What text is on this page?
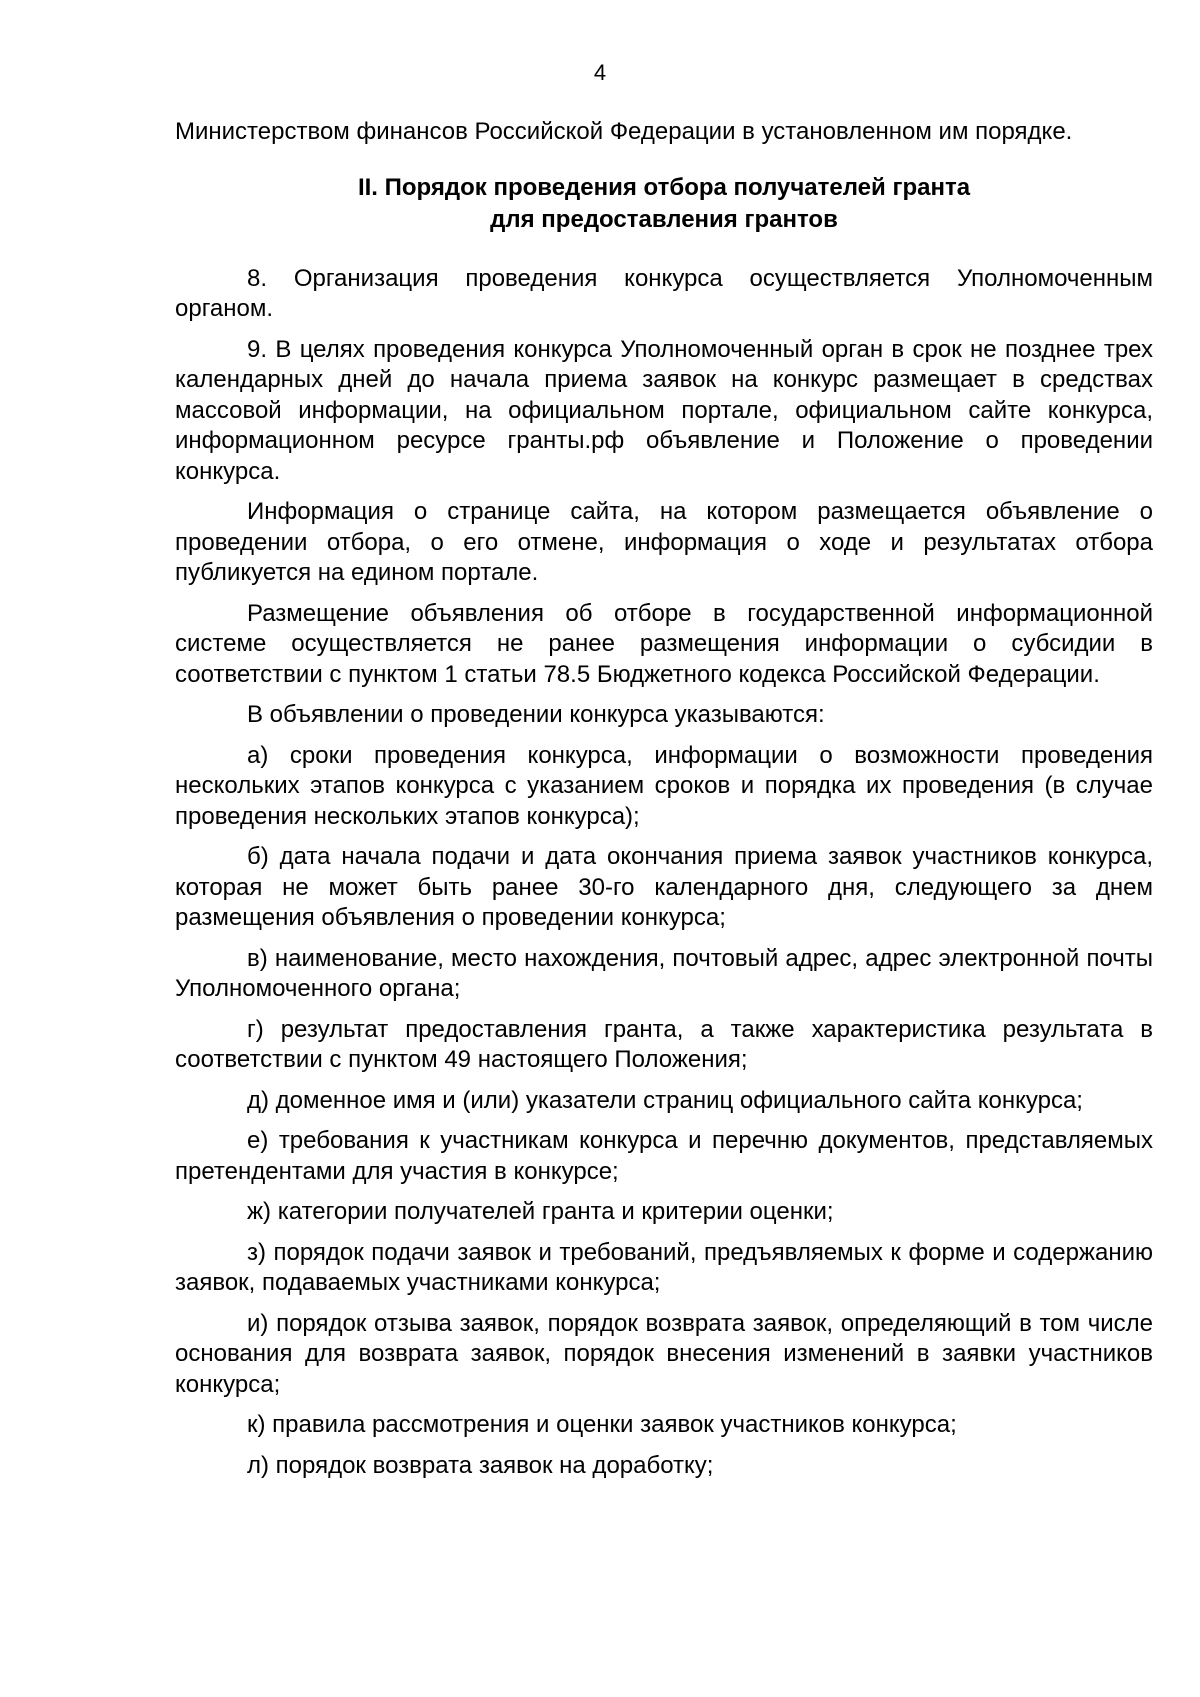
4

Министерством финансов Российской Федерации в установленном им порядке.

II. Порядок проведения отбора получателей гранта
для предоставления грантов

8. Организация проведения конкурса осуществляется Уполномоченным органом.

9. В целях проведения конкурса Уполномоченный орган в срок не позднее трех календарных дней до начала приема заявок на конкурс размещает в средствах массовой информации, на официальном портале, официальном сайте конкурса, информационном ресурсе гранты.рф объявление и Положение о проведении конкурса.

Информация о странице сайта, на котором размещается объявление о проведении отбора, о его отмене, информация о ходе и результатах отбора публикуется на едином портале.

Размещение объявления об отборе в государственной информационной системе осуществляется не ранее размещения информации о субсидии в соответствии с пунктом 1 статьи 78.5 Бюджетного кодекса Российской Федерации.

В объявлении о проведении конкурса указываются:

а) сроки проведения конкурса, информации о возможности проведения нескольких этапов конкурса с указанием сроков и порядка их проведения (в случае проведения нескольких этапов конкурса);

б) дата начала подачи и дата окончания приема заявок участников конкурса, которая не может быть ранее 30-го календарного дня, следующего за днем размещения объявления о проведении конкурса;

в) наименование, место нахождения, почтовый адрес, адрес электронной почты Уполномоченного органа;

г) результат предоставления гранта, а также характеристика результата в соответствии с пунктом 49 настоящего Положения;

д) доменное имя и (или) указатели страниц официального сайта конкурса;

е) требования к участникам конкурса и перечню документов, представляемых претендентами для участия в конкурсе;

ж) категории получателей гранта и критерии оценки;

з) порядок подачи заявок и требований, предъявляемых к форме и содержанию заявок, подаваемых участниками конкурса;

и) порядок отзыва заявок, порядок возврата заявок, определяющий в том числе основания для возврата заявок, порядок внесения изменений в заявки участников конкурса;

к) правила рассмотрения и оценки заявок участников конкурса;

л) порядок возврата заявок на доработку;
